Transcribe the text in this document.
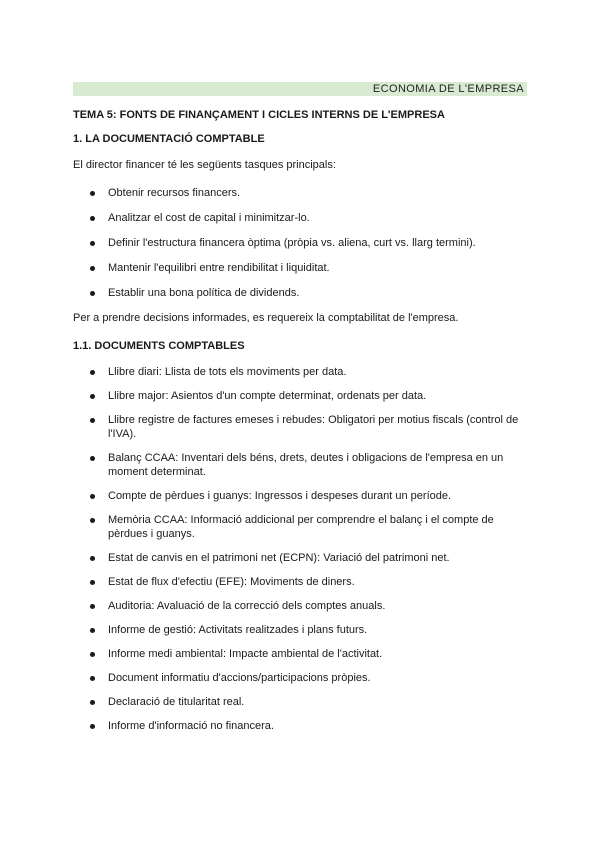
ECONOMIA DE L'EMPRESA
TEMA 5: FONTS DE FINANÇAMENT I CICLES INTERNS DE L'EMPRESA
1. LA DOCUMENTACIÓ COMPTABLE
El director financer té les següents tasques principals:
Obtenir recursos financers.
Analitzar el cost de capital i minimitzar-lo.
Definir l'estructura financera òptima (pròpia vs. aliena, curt vs. llarg termini).
Mantenir l'equilibri entre rendibilitat i liquiditat.
Establir una bona política de dividends.
Per a prendre decisions informades, es requereix la comptabilitat de l'empresa.
1.1. DOCUMENTS COMPTABLES
Llibre diari: Llista de tots els moviments per data.
Llibre major: Asientos d'un compte determinat, ordenats per data.
Llibre registre de factures emeses i rebudes: Obligatori per motius fiscals (control de l'IVA).
Balanç CCAA: Inventari dels béns, drets, deutes i obligacions de l'empresa en un moment determinat.
Compte de pèrdues i guanys: Ingressos i despeses durant un període.
Memòria CCAA: Informació addicional per comprendre el balanç i el compte de pèrdues i guanys.
Estat de canvis en el patrimoni net (ECPN): Variació del patrimoni net.
Estat de flux d'efectiu (EFE): Moviments de diners.
Auditoria: Avaluació de la correcció dels comptes anuals.
Informe de gestió: Activitats realitzades i plans futurs.
Informe medi ambiental: Impacte ambiental de l'activitat.
Document informatiu d'accions/participacions pròpies.
Declaració de titularitat real.
Informe d'informació no financera.
